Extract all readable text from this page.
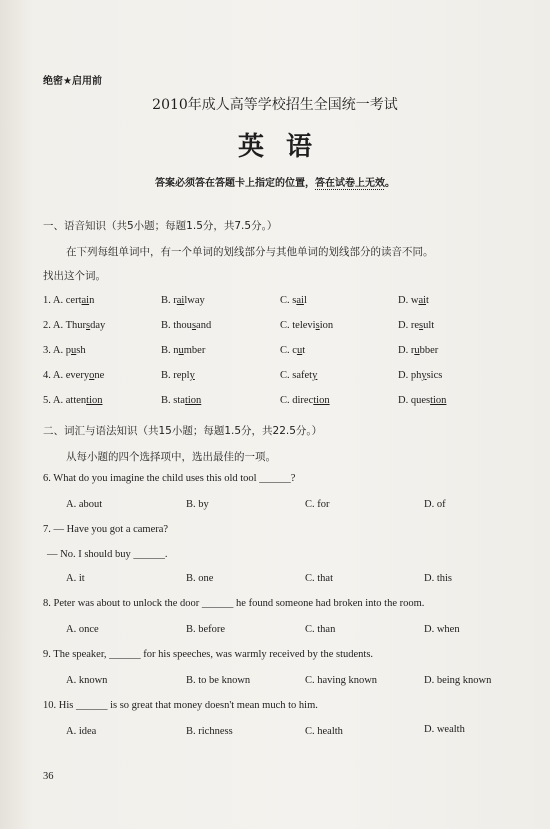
绝密★启用前
2010年成人高等学校招生全国统一考试
英语
答案必须答在答题卡上指定的位置，答在试卷上无效。
一、语音知识（共5小题；每题1.5分，共7.5分。）
在下列每组单词中，有一个单词的划线部分与其他单词的划线部分的读音不同。
找出这个词。
1. A. certain	B. railway	C. sail	D. wait
2. A. Thursday	B. thousand	C. television	D. result
3. A. push	B. number	C. cut	D. rubber
4. A. everyone	B. reply	C. safety	D. physics
5. A. attention	B. station	C. direction	D. question
二、词汇与语法知识（共15小题；每题1.5分，共22.5分。）
从每小题的四个选择项中，选出最佳的一项。
6. What do you imagine the child uses this old tool ______?
A. about	B. by	C. for	D. of
7. — Have you got a camera?
— No. I should buy ______.
A. it	B. one	C. that	D. this
8. Peter was about to unlock the door ______ he found someone had broken into the room.
A. once	B. before	C. than	D. when
9. The speaker, ______ for his speeches, was warmly received by the students.
A. known	B. to be known	C. having known	D. being known
10. His ______ is so great that money doesn't mean much to him.
A. idea	B. richness	C. health	D. wealth
36
